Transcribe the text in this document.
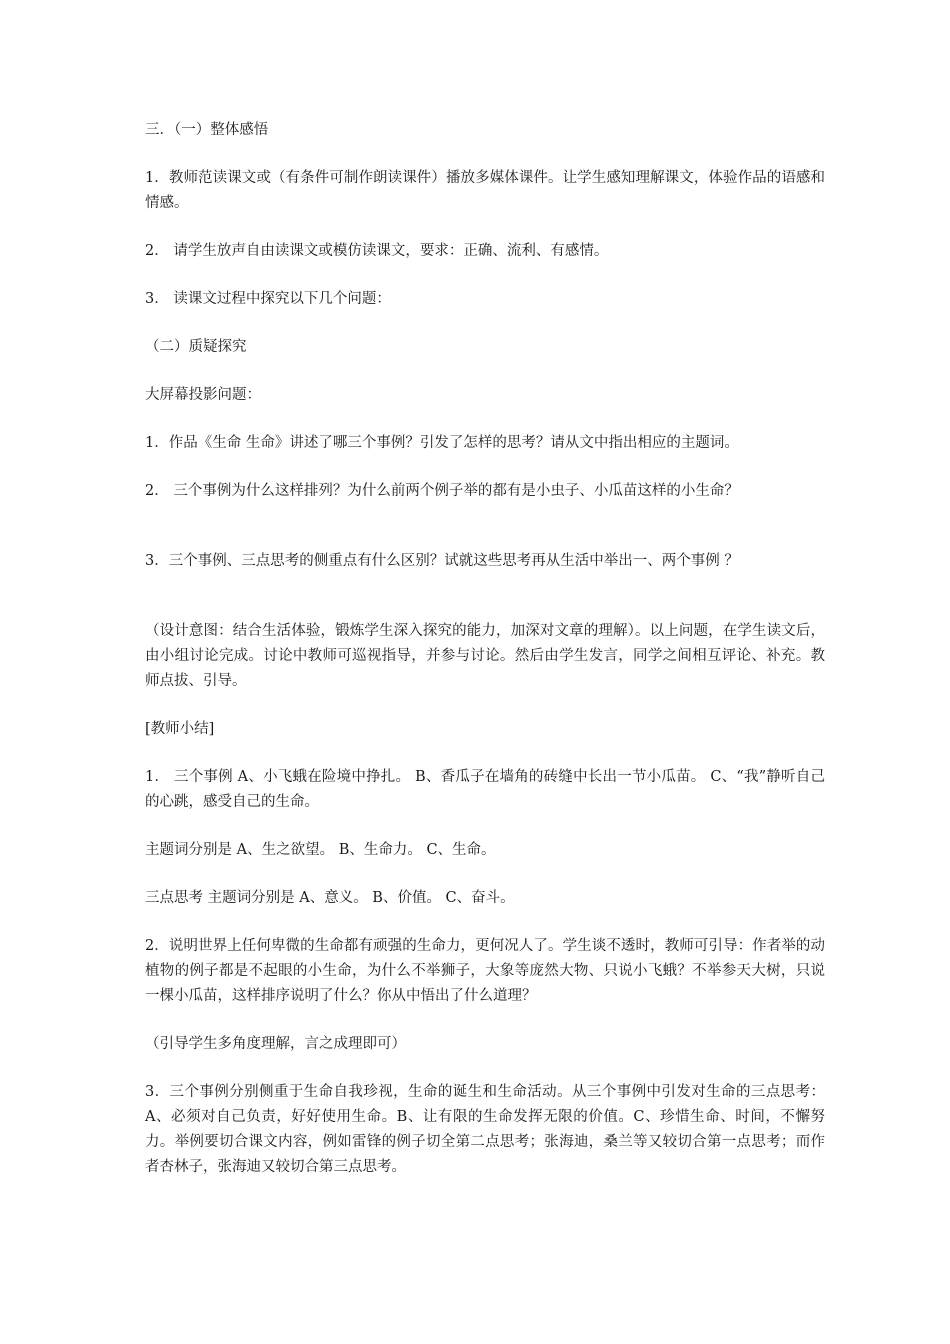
三．（一）整体感悟

1．教师范读课文或（有条件可制作朗读课件）播放多媒体课件。让学生感知理解课文，体验作品的语感和情感。

2． 请学生放声自由读课文或模仿读课文，要求：正确、流利、有感情。

3． 读课文过程中探究以下几个问题：

（二）质疑探究

大屏幕投影问题：

1．作品《生命 生命》讲述了哪三个事例？引发了怎样的思考？请从文中指出相应的主题词。

2． 三个事例为什么这样排列？为什么前两个例子举的都有是小虫子、小瓜苗这样的小生命？

3．三个事例、三点思考的侧重点有什么区别？试就这些思考再从生活中举出一、两个事例 ？

（设计意图：结合生活体验，锻炼学生深入探究的能力，加深对文章的理解）。以上问题，在学生读文后，由小组讨论完成。讨论中教师可巡视指导，并参与讨论。然后由学生发言，同学之间相互评论、补充。教师点拔、引导。

[教师小结]

1． 三个事例 A、小飞蛾在险境中挣扎。 B、香瓜子在墙角的砖缝中长出一节小瓜苗。 C、“我”静听自己的心跳，感受自己的生命。

主题词分别是 A、生之欲望。 B、生命力。 C、生命。

三点思考 主题词分别是 A、意义。 B、价值。 C、奋斗。

2．说明世界上任何卑微的生命都有顽强的生命力，更何况人了。学生谈不透时，教师可引导：作者举的动植物的例子都是不起眼的小生命，为什么不举狮子，大象等庞然大物、只说小飞蛾？不举参天大树，只说一棵小瓜苗，这样排序说明了什么？你从中悟出了什么道理？

（引导学生多角度理解，言之成理即可）

3．三个事例分别侧重于生命自我珍视，生命的诞生和生命活动。从三个事例中引发对生命的三点思考：A、必须对自己负责，好好使用生命。B、让有限的生命发挥无限的价值。C、珍惜生命、时间，不懈努力。举例要切合课文内容，例如雷锋的例子切全第二点思考；张海迪，桑兰等又较切合第一点思考；而作者杏林子，张海迪又较切合第三点思考。
